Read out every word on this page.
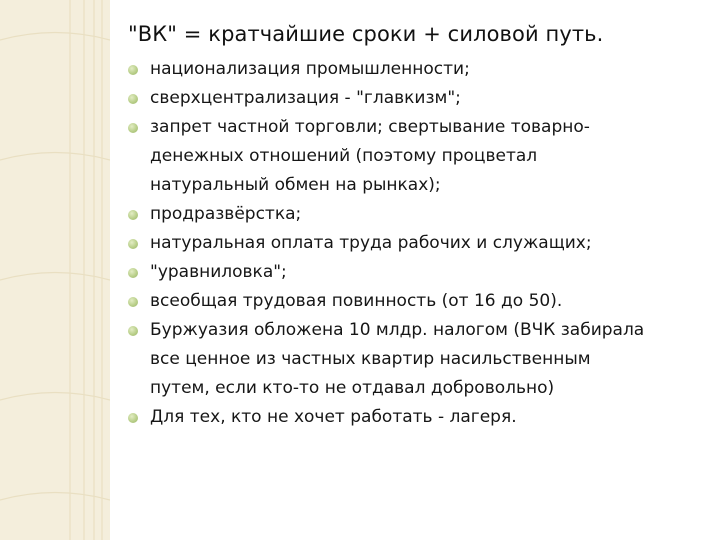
"ВК" = кратчайшие сроки + силовой путь.
национализация промышленности;
сверхцентрализация - "главкизм";
запрет частной торговли; свертывание товарно-денежных отношений (поэтому процветал натуральный обмен на рынках);
продразвёрстка;
натуральная оплата труда рабочих и служащих;
"уравниловка";
всеобщая трудовая повинность (от 16 до 50).
Буржуазия обложена 10 млдр. налогом (ВЧК забирала все ценное из частных квартир насильственным путем, если кто-то не отдавал добровольно)
Для тех, кто не хочет работать - лагеря.
